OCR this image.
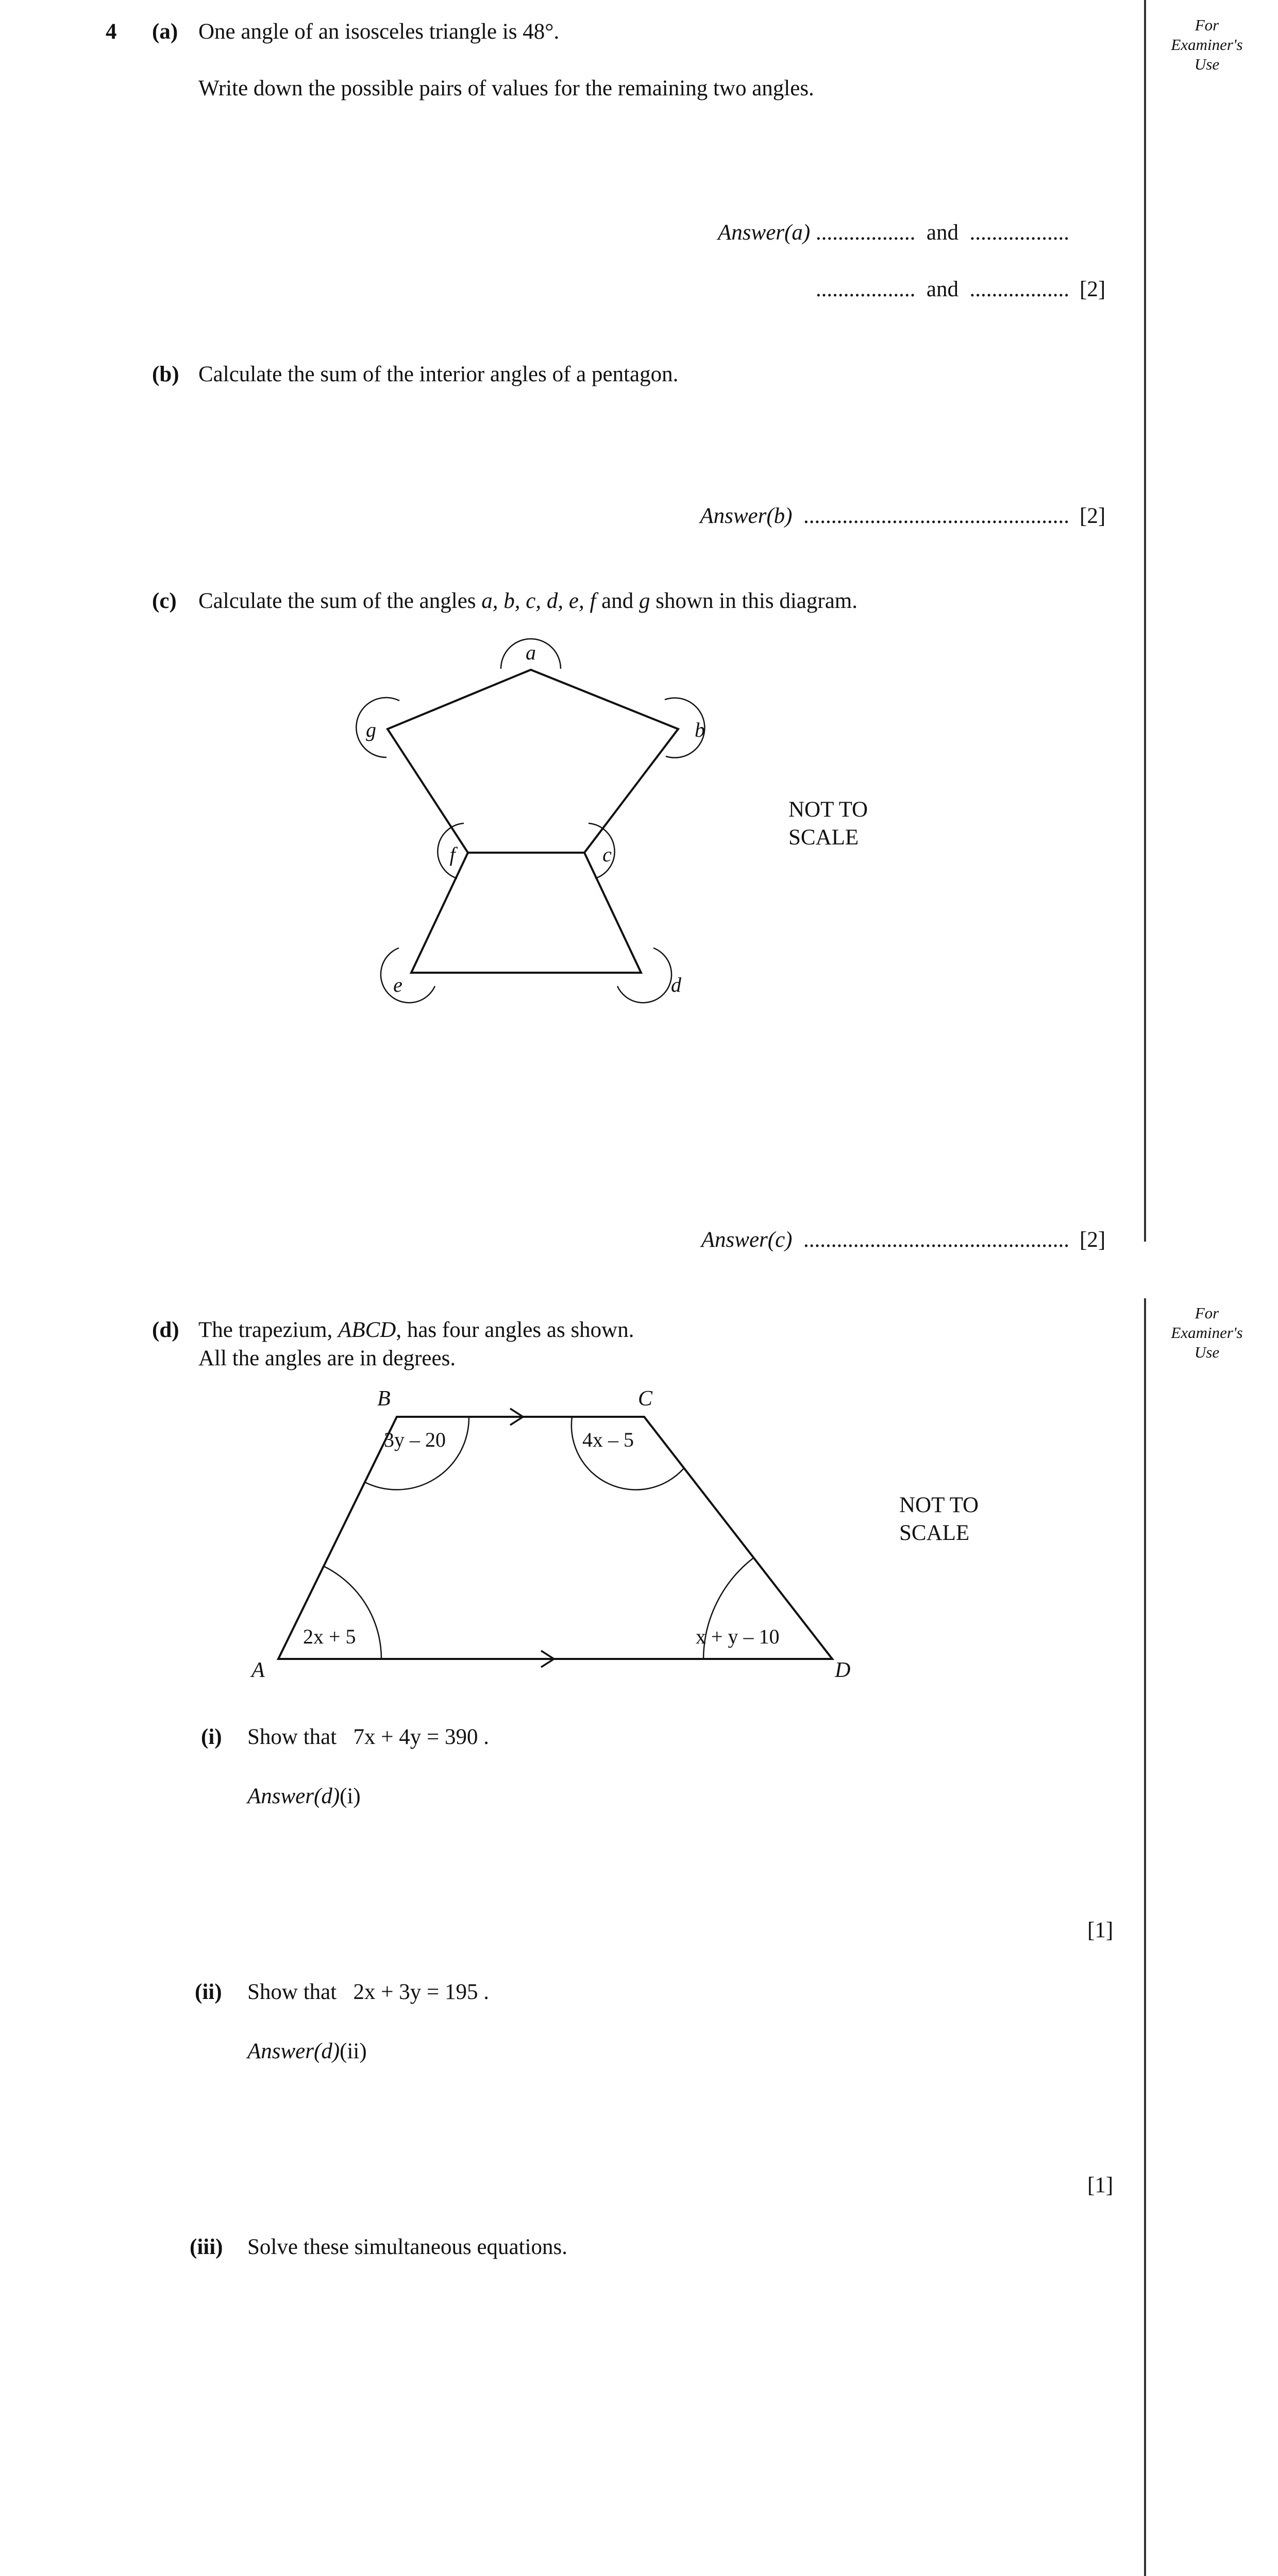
For
Examiner's
Use
For
Examiner's
Use
4 (a) One angle of an isosceles triangle is 48°.
Write down the possible pairs of values for the remaining two angles.
Answer(a) .................. and ..................
.................. and .................. [2]
(b) Calculate the sum of the interior angles of a pentagon.
Answer(b) ................................................ [2]
(c) Calculate the sum of the angles a, b, c, d, e, f and g shown in this diagram.
a
b
c
d
e
f
g
NOT TO
SCALE
Answer(c) ................................................ [2]
(d) The trapezium, ABCD, has four angles as shown.
All the angles are in degrees.
A
B	C
D
2x + 5
3y – 20	4x – 5
x + y – 10
NOT TO
SCALE
(i) Show that 7x + 4y = 390 .
Answer(d)(i)
[1]
(ii) Show that 2x + 3y = 195 .
Answer(d)(ii)
[1]
(iii) Solve these simultaneous equations.
